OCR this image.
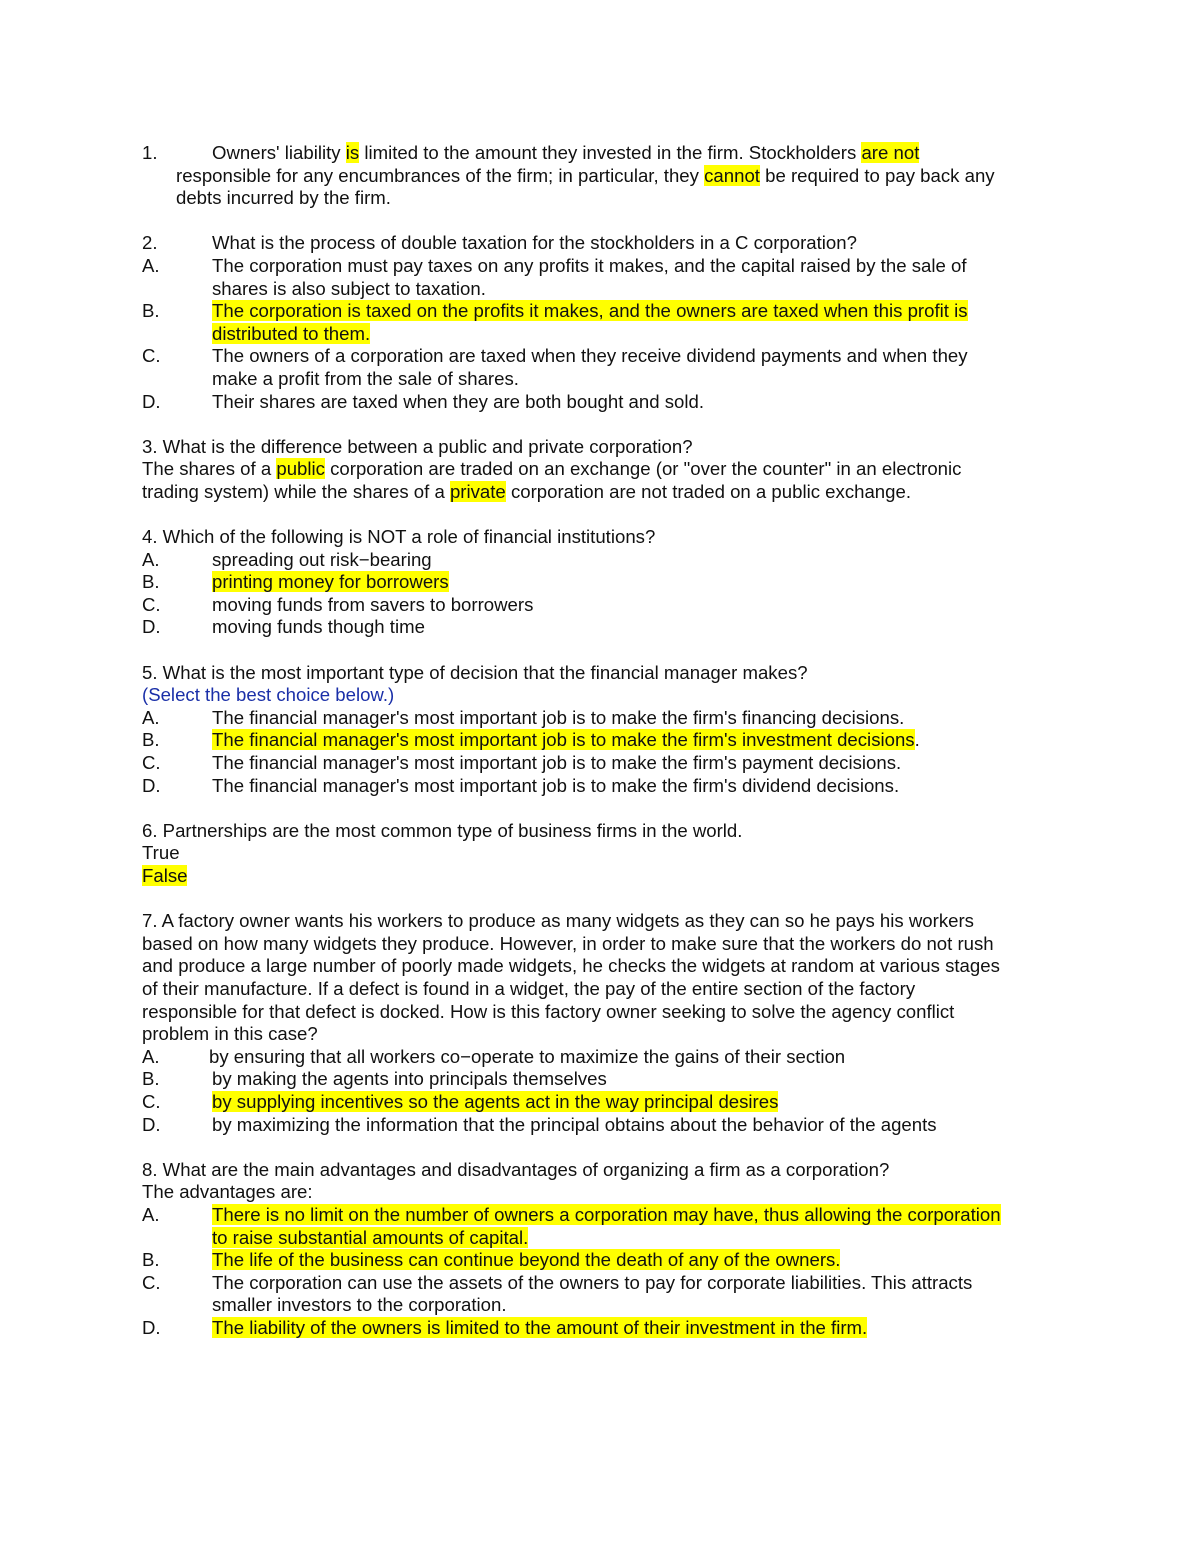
1.	Owners' liability is limited to the amount they invested in the firm. Stockholders are not
responsible for any encumbrances of the firm; in particular, they cannot be required to pay back any
debts incurred by the firm.
2.	What is the process of double taxation for the stockholders in a C corporation?
A.	The corporation must pay taxes on any profits it makes, and the capital raised by the sale of
shares is also subject to taxation.
B.	The corporation is taxed on the profits it makes, and the owners are taxed when this profit is
distributed to them.
C.	The owners of a corporation are taxed when they receive dividend payments and when they
make a profit from the sale of shares.
D.	Their shares are taxed when they are both bought and sold.
3. What is the difference between a public and private corporation?
The shares of a public corporation are traded on an exchange (or "over the counter" in an electronic
trading system) while the shares of a private corporation are not traded on a public exchange.
4. Which of the following is NOT a role of financial institutions?
A.	spreading out risk−bearing
B.	printing money for borrowers
C.	moving funds from savers to borrowers
D.	moving funds though time
5. What is the most important type of decision that the financial manager makes?
(Select the best choice below.)
A.	The financial manager's most important job is to make the firm's financing decisions.
B.	The financial manager's most important job is to make the firm's investment decisions.
C.	The financial manager's most important job is to make the firm's payment decisions.
D.	The financial manager's most important job is to make the firm's dividend decisions.
6. Partnerships are the most common type of business firms in the world.
True
False
7. A factory owner wants his workers to produce as many widgets as they can so he pays his workers
based on how many widgets they produce. However, in order to make sure that the workers do not rush
and produce a large number of poorly made widgets, he checks the widgets at random at various stages
of their manufacture. If a defect is found in a widget, the pay of the entire section of the factory
responsible for that defect is docked. How is this factory owner seeking to solve the agency conflict
problem in this case?
A.	by ensuring that all workers co−operate to maximize the gains of their section
B.	by making the agents into principals themselves
C.	by supplying incentives so the agents act in the way principal desires
D.	by maximizing the information that the principal obtains about the behavior of the agents
8. What are the main advantages and disadvantages of organizing a firm as a corporation?
The advantages are:
A.	There is no limit on the number of owners a corporation may have, thus allowing the corporation
to raise substantial amounts of capital.
B.	The life of the business can continue beyond the death of any of the owners.
C.	The corporation can use the assets of the owners to pay for corporate liabilities. This attracts
smaller investors to the corporation.
D.	The liability of the owners is limited to the amount of their investment in the firm.
